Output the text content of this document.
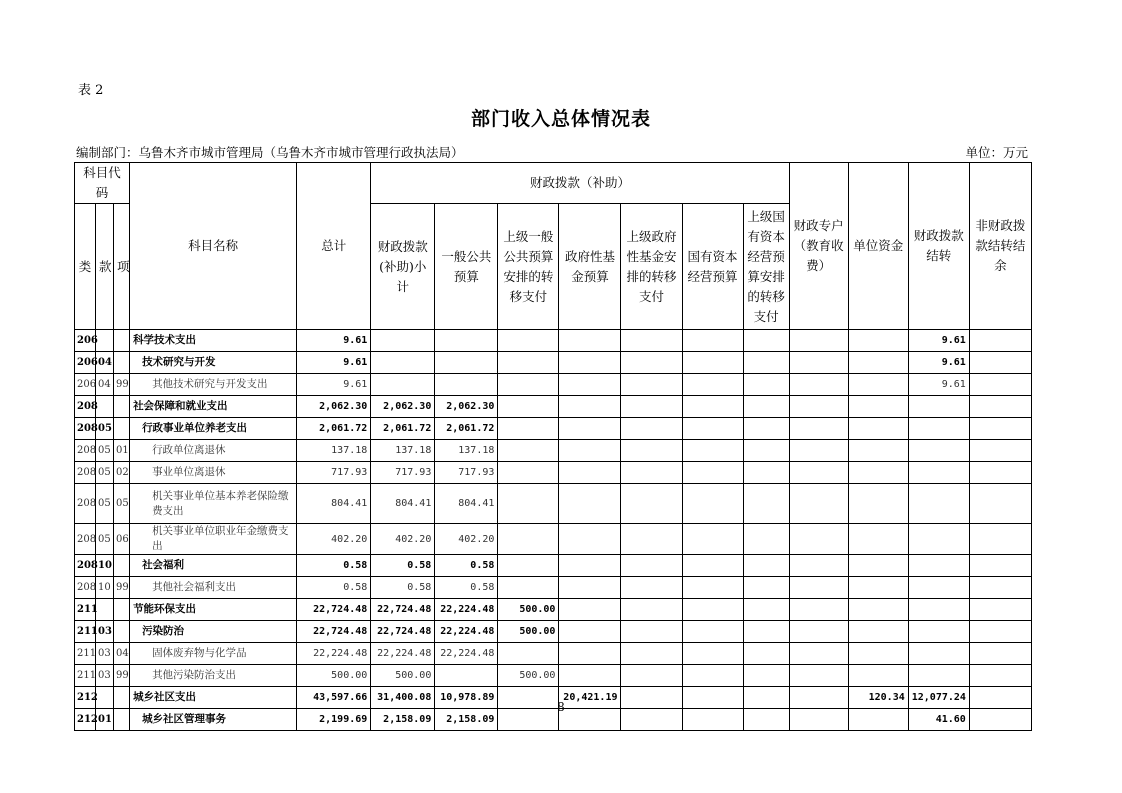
表 2
部门收入总体情况表
编制部门：乌鲁木齐市城市管理局（乌鲁木齐市城市管理行政执法局）	单位：万元
科目代码			科目名称	总计	财政拨款（补助）							财政专户（教育收费）	单位资金	财政拨款结转	非财政拨款结转结余
类	款	项			财政拨款(补助)小计	一般公共预算	上级一般公共预算安排的转移支付	政府性基金预算	上级政府性基金安排的转移支付	国有资本经营预算	上级国有资本经营预算安排的转移支付				
206			科学技术支出	9.61										9.61	
206	04		技术研究与开发	9.61										9.61	
206	04	99	其他技术研究与开发支出	9.61										9.61	
208			社会保障和就业支出	2,062.30	2,062.30	2,062.30									
208	05		行政事业单位养老支出	2,061.72	2,061.72	2,061.72									
208	05	01	行政单位离退休	137.18	137.18	137.18									
208	05	02	事业单位离退休	717.93	717.93	717.93									
208	05	05	机关事业单位基本养老保险缴费支出	804.41	804.41	804.41									
208	05	06	机关事业单位职业年金缴费支出	402.20	402.20	402.20									
208	10		社会福利	0.58	0.58	0.58									
208	10	99	其他社会福利支出	0.58	0.58	0.58									
211			节能环保支出	22,724.48	22,724.48	22,224.48	500.00								
211	03		污染防治	22,724.48	22,724.48	22,224.48	500.00								
211	03	04	固体废弃物与化学品	22,224.48	22,224.48	22,224.48									
211	03	99	其他污染防治支出	500.00	500.00		500.00								
212			城乡社区支出	43,597.66	31,400.08	10,978.89		20,421.19					120.34	12,077.24	
212	01		城乡社区管理事务	2,199.69	2,158.09	2,158.09								41.60	
8
